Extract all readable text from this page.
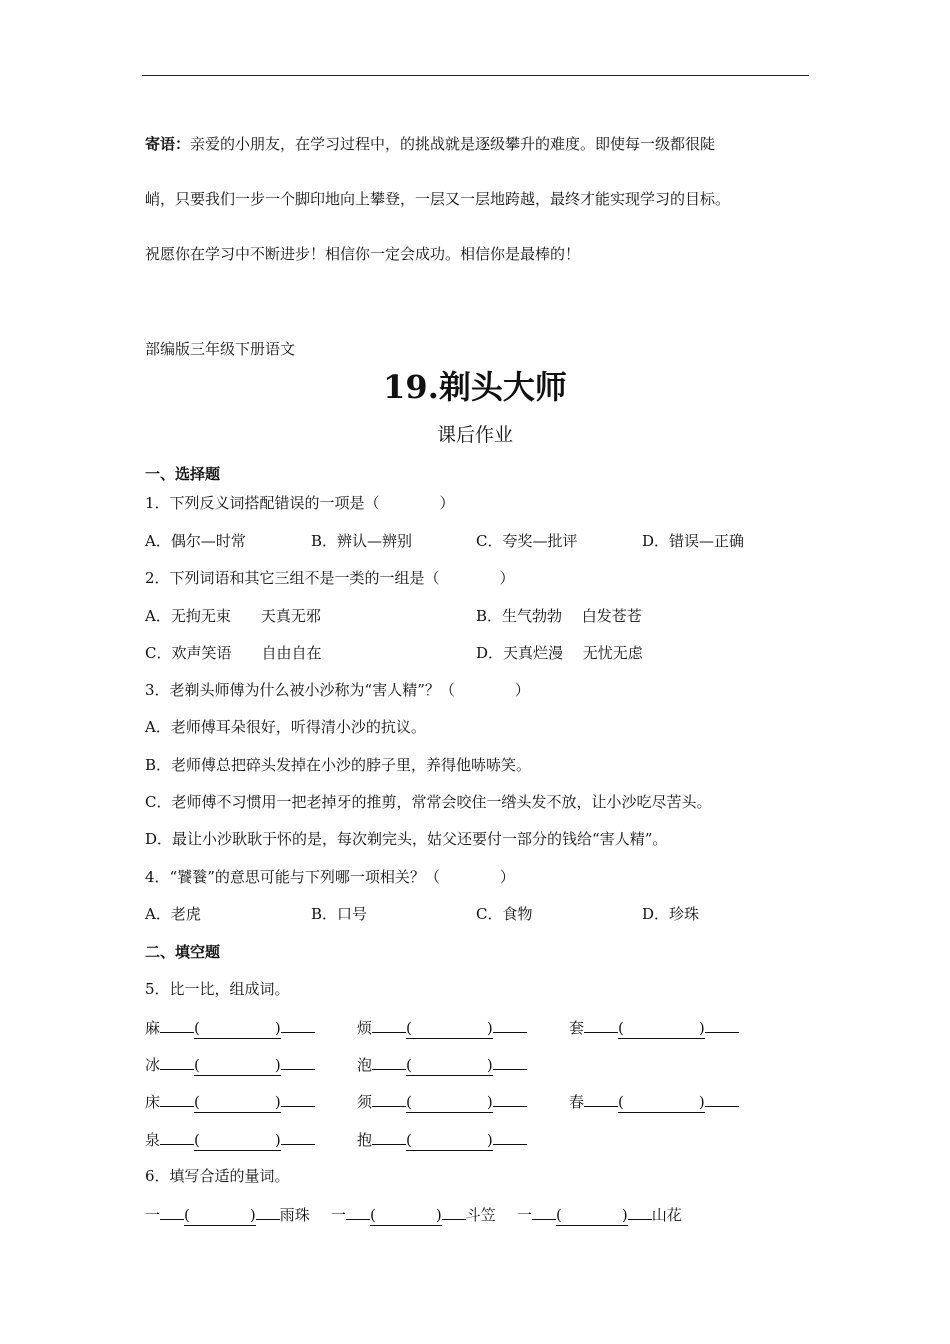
寄语：亲爱的小朋友，在学习过程中，的挑战就是逐级攀升的难度。即使每一级都很陡
峭，只要我们一步一个脚印地向上攀登，一层又一层地跨越，最终才能实现学习的目标。
祝愿你在学习中不断进步！相信你一定会成功。相信你是最棒的！
部编版三年级下册语文
19.剃头大师
课后作业
一、选择题
1．下列反义词搭配错误的一项是（　　　　）
A．偶尔—时常	B．辨认—辨别	C．夸奖—批评	D．错误—正确
2．下列词语和其它三组不是一类的一组是（　　　　）
A．无拘无束　　天真无邪	B．生气勃勃　 白发苍苍
C．欢声笑语　　自由自在	D．天真烂漫　 无忧无虑
3．老剃头师傅为什么被小沙称为“害人精”？（　　　　）
A．老师傅耳朵很好，听得清小沙的抗议。
B．老师傅总把碎头发掉在小沙的脖子里，养得他哧哧笑。
C．老师傅不习惯用一把老掉牙的推剪，常常会咬住一绺头发不放，让小沙吃尽苦头。
D．最让小沙耿耿于怀的是，每次剃完头，姑父还要付一部分的钱给“害人精”。
4．“饕餮”的意思可能与下列哪一项相关？（　　　　）
A．老虎	B．口号	C．食物	D．珍珠
二、填空题
5．比一比，组成词。
麻 (　　　　　)	烦 (　　　　　)	套 (　　　　　)
冰 (　　　　　)	泡 (　　　　　)
床 (　　　　　)	须 (　　　　　)	春 (　　　　　)
泉 (　　　　　)	抱 (　　　　　)
6．填写合适的量词。
一 (　　　　) 雨珠 一 (　　　　) 斗笠 一 (　　　　) 山花
